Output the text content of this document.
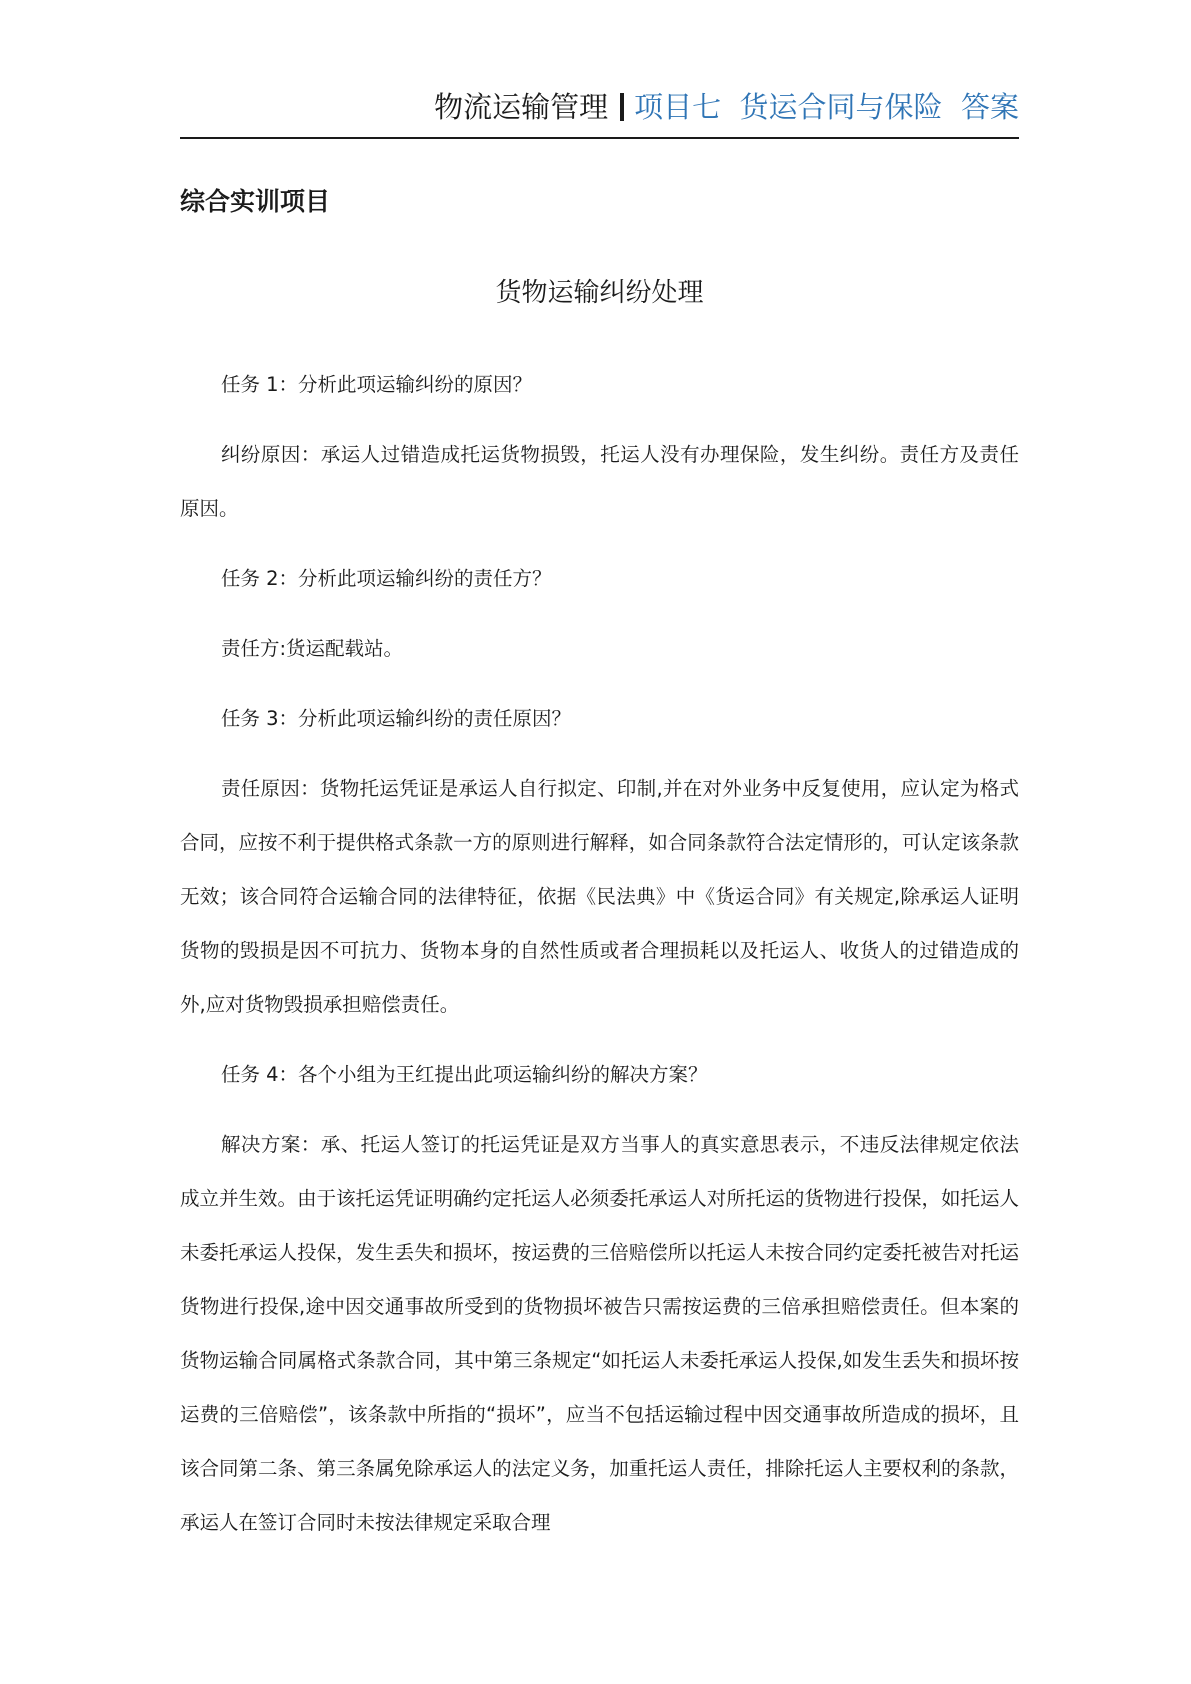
物流运输管理 项目七  货运合同与保险  答案
综合实训项目
货物运输纠纷处理

任务 1：分析此项运输纠纷的原因？

纠纷原因：承运人过错造成托运货物损毁，托运人没有办理保险，发生纠纷。责任方及责任原因。

任务 2：分析此项运输纠纷的责任方？

责任方:货运配载站。

任务 3：分析此项运输纠纷的责任原因？

责任原因：货物托运凭证是承运人自行拟定、印制,并在对外业务中反复使用，应认定为格式合同，应按不利于提供格式条款一方的原则进行解释，如合同条款符合法定情形的，可认定该条款无效；该合同符合运输合同的法律特征，依据《民法典》中《货运合同》有关规定,除承运人证明货物的毁损是因不可抗力、货物本身的自然性质或者合理损耗以及托运人、收货人的过错造成的外,应对货物毁损承担赔偿责任。

任务 4：各个小组为王红提出此项运输纠纷的解决方案？

解决方案：承、托运人签订的托运凭证是双方当事人的真实意思表示，不违反法律规定依法成立并生效。由于该托运凭证明确约定托运人必须委托承运人对所托运的货物进行投保，如托运人未委托承运人投保，发生丢失和损坏，按运费的三倍赔偿所以托运人未按合同约定委托被告对托运货物进行投保,途中因交通事故所受到的货物损坏被告只需按运费的三倍承担赔偿责任。但本案的货物运输合同属格式条款合同，其中第三条规定“如托运人未委托承运人投保,如发生丢失和损坏按运费的三倍赔偿”，该条款中所指的“损坏”，应当不包括运输过程中因交通事故所造成的损坏，且该合同第二条、第三条属免除承运人的法定义务，加重托运人责任，排除托运人主要权利的条款，承运人在签订合同时未按法律规定采取合理
